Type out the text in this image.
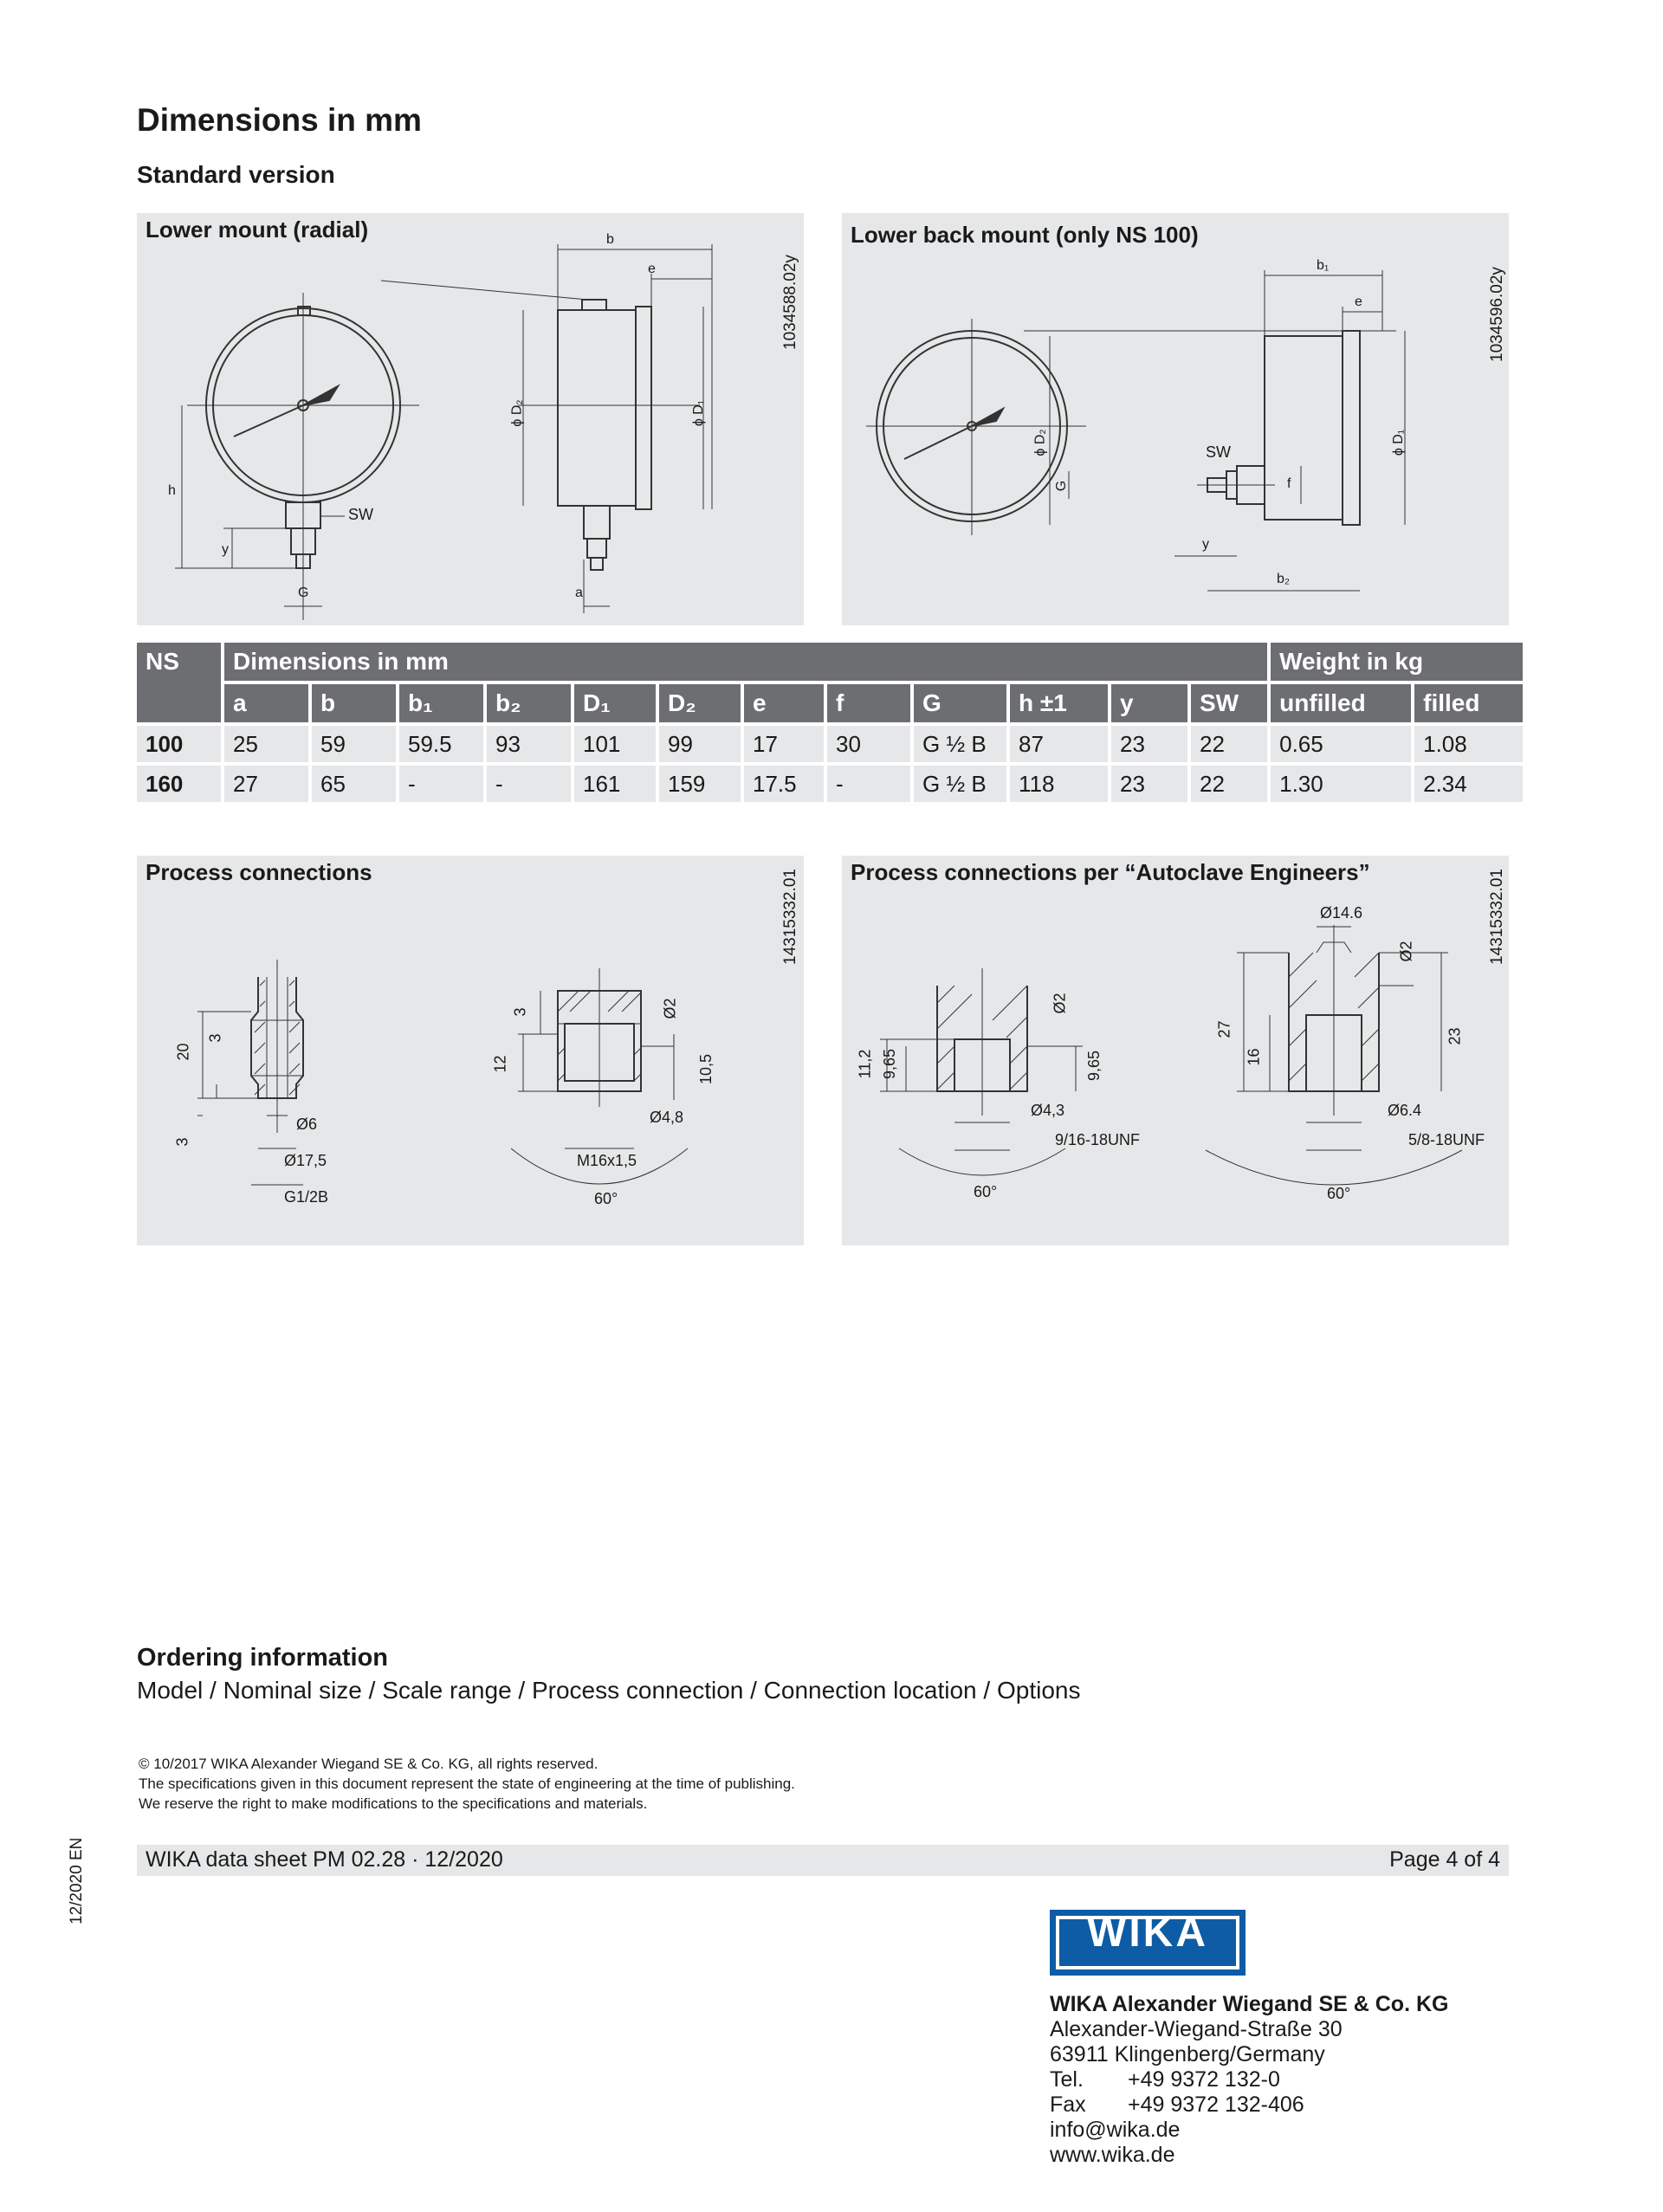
Dimensions in mm
Standard version
Lower mount (radial)
1034588.02y
b
e
h
y
G
SW
ϕ D₂	ϕ D₁
a
Lower back mount (only NS 100)
1034596.02y
b₁
e
SW
f
G
ϕ D₂	ϕ D₁
y
b₂
NS	Dimensions in mm												Weight in kg	
	a	b	b₁	b₂	D₁	D₂	e	f	G	h ±1	y	SW	unfilled	filled
100	25	59	59.5	93	101	99	17	30	G ½ B	87	23	22	0.65	1.08
160	27	65	-	-	161	159	17.5	-	G ½ B	118	23	22	1.30	2.34
Process connections	14315332.01
20
3
3
Ø6
Ø17,5
G1/2B
3
12
Ø2
10,5
Ø4,8
M16x1,5
60°
Process connections per “Autoclave Engineers”	14315332.01
11,2 9,65
Ø2
9,65
Ø4,3
9/16-18UNF
60°
Ø14.6
Ø2
27
16
23
Ø6.4
5/8-18UNF
60°
Ordering information
Model / Nominal size / Scale range / Process connection / Connection location / Options
© 10/2017 WIKA Alexander Wiegand SE & Co. KG, all rights reserved.
The specifications given in this document represent the state of engineering at the time of publishing.
We reserve the right to make modifications to the specifications and materials.
WIKA data sheet PM 02.28 · 12/2020	Page 4 of 4
12/2020 EN
WIKA
WIKA Alexander Wiegand SE & Co. KG
Alexander-Wiegand-Straße 30
63911 Klingenberg/Germany
Tel. +49 9372 132-0
Fax +49 9372 132-406
info@wika.de
www.wika.de
